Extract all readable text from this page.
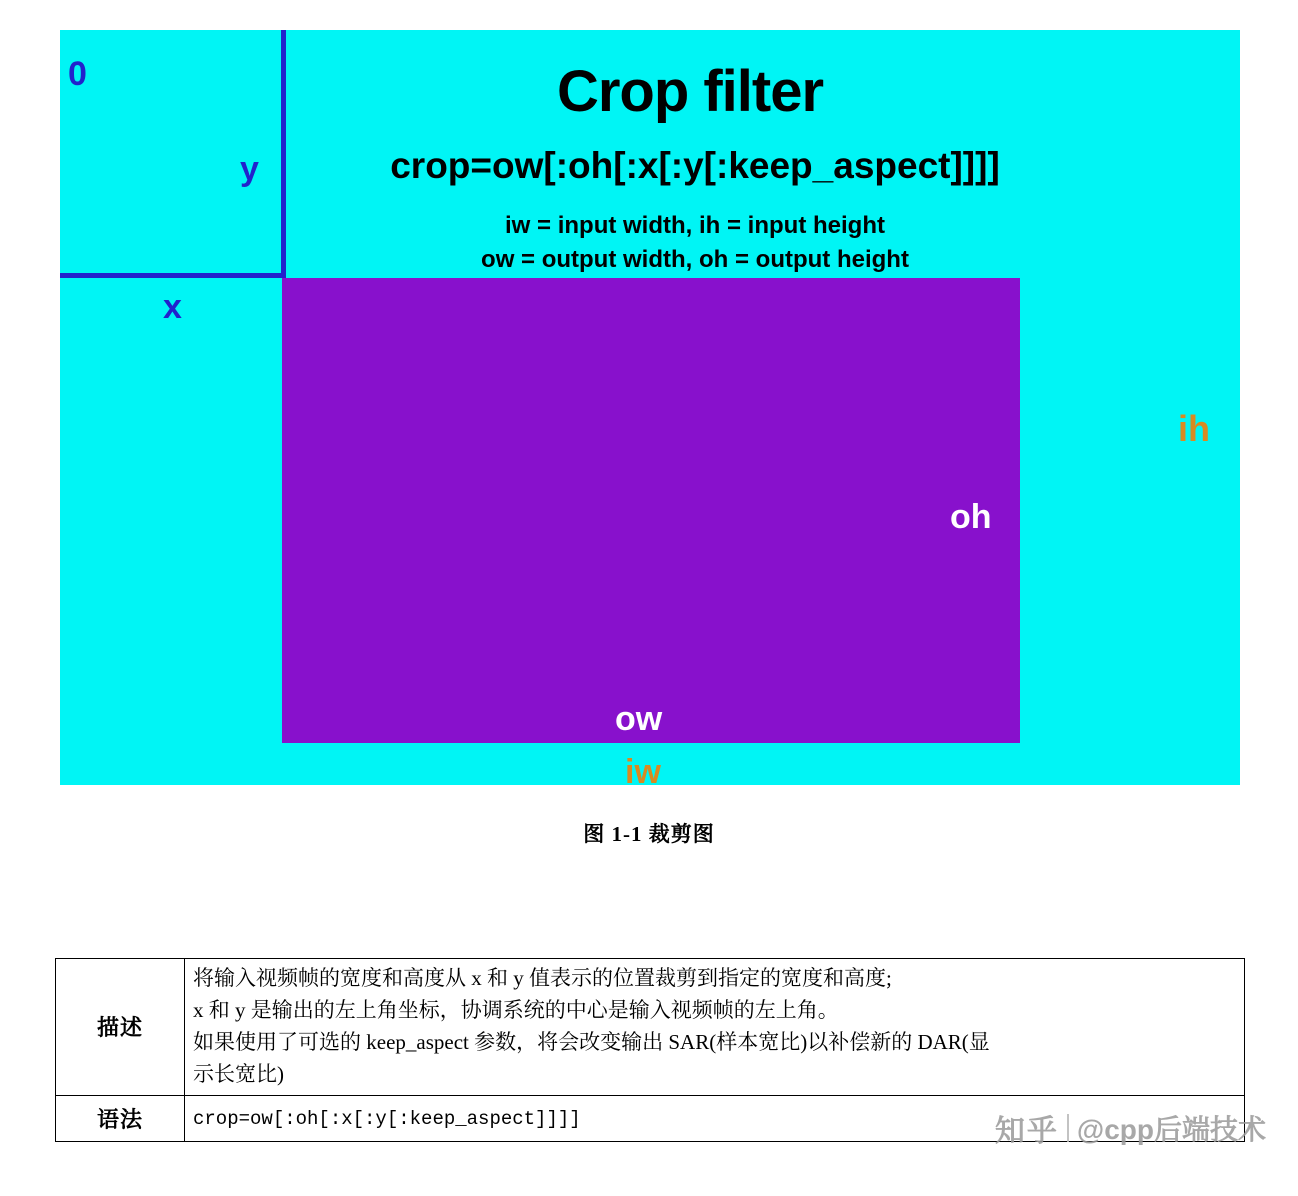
0
y
x
Crop filter
crop=ow[:oh[:x[:y[:keep_aspect]]]]
iw = input width, ih = input height
ow = output width, oh = output height
ih
oh
ow
iw
图 1-1 裁剪图
描述	将输入视频帧的宽度和高度从 x 和 y 值表示的位置裁剪到指定的宽度和高度;
x 和 y 是输出的左上角坐标，协调系统的中心是输入视频帧的左上角。
如果使用了可选的 keep_aspect 参数，将会改变输出 SAR(样本宽比)以补偿新的 DAR(显
示长宽比)

语法	crop=ow[:oh[:x[:y[:keep_aspect]]]]	知乎 @cpp后端技术
